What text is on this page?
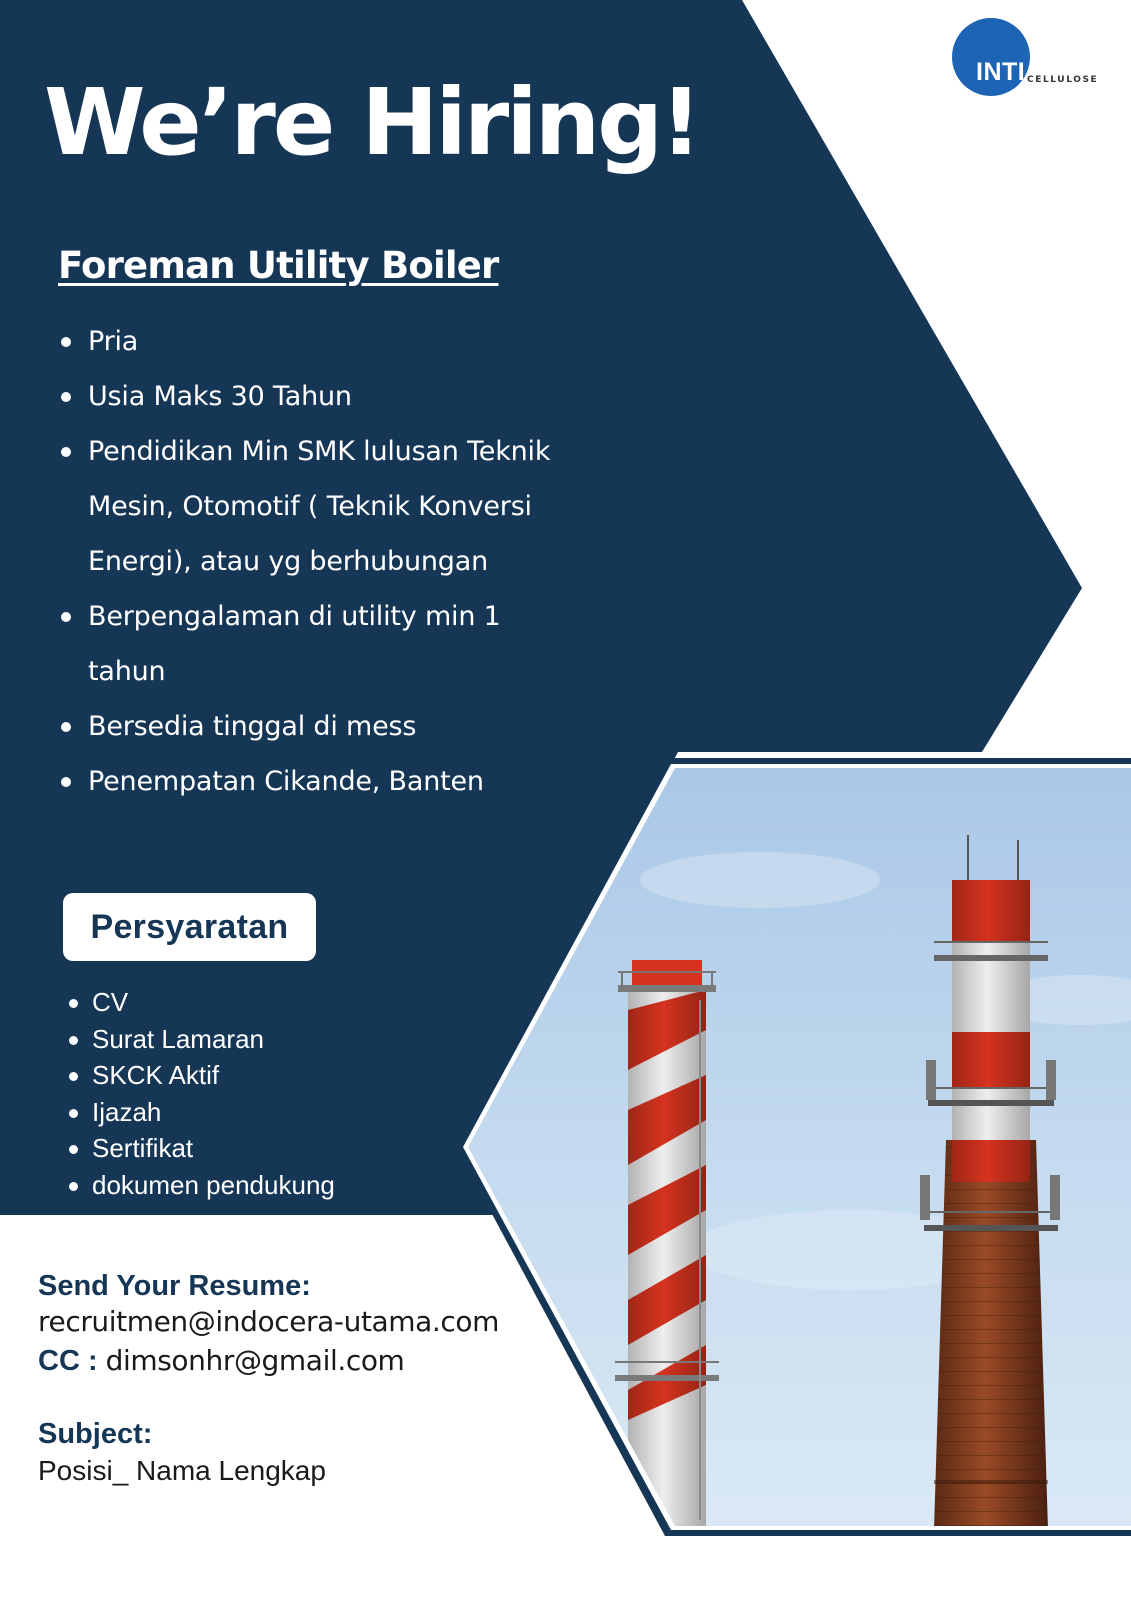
INTI CELLULOSE
We’re Hiring!
Foreman Utility Boiler
Pria
Usia Maks 30 Tahun
Pendidikan Min SMK lulusan Teknik Mesin, Otomotif ( Teknik Konversi Energi), atau yg berhubungan
Berpengalaman di utility min 1 tahun
Bersedia tinggal di mess
Penempatan Cikande, Banten
Persyaratan
CV
Surat Lamaran
SKCK Aktif
Ijazah
Sertifikat
dokumen pendukung
Send Your Resume:
recruitmen@indocera-utama.com
CC : dimsonhr@gmail.com
Subject:
Posisi_ Nama Lengkap
